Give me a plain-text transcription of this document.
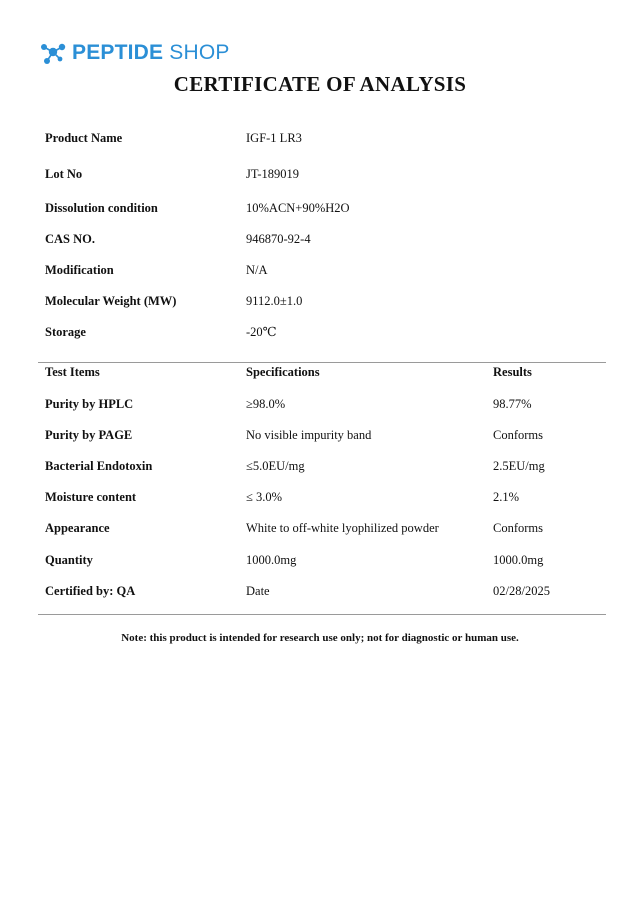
PEPTIDE SHOP
CERTIFICATE OF ANALYSIS
Product Name	IGF-1 LR3
Lot No	JT-189019
Dissolution condition	10%ACN+90%H2O
CAS NO.	946870-92-4
Modification	N/A
Molecular Weight (MW)	9112.0±1.0
Storage	-20℃
Test Items	Specifications	Results
Purity by HPLC	≥98.0%	98.77%
Purity by PAGE	No visible impurity band	Conforms
Bacterial Endotoxin	≤5.0EU/mg	2.5EU/mg
Moisture content	≤ 3.0%	2.1%
Appearance	White to off-white lyophilized powder	Conforms
Quantity	1000.0mg	1000.0mg
Certified by: QA	Date	02/28/2025
Note: this product is intended for research use only; not for diagnostic or human use.
